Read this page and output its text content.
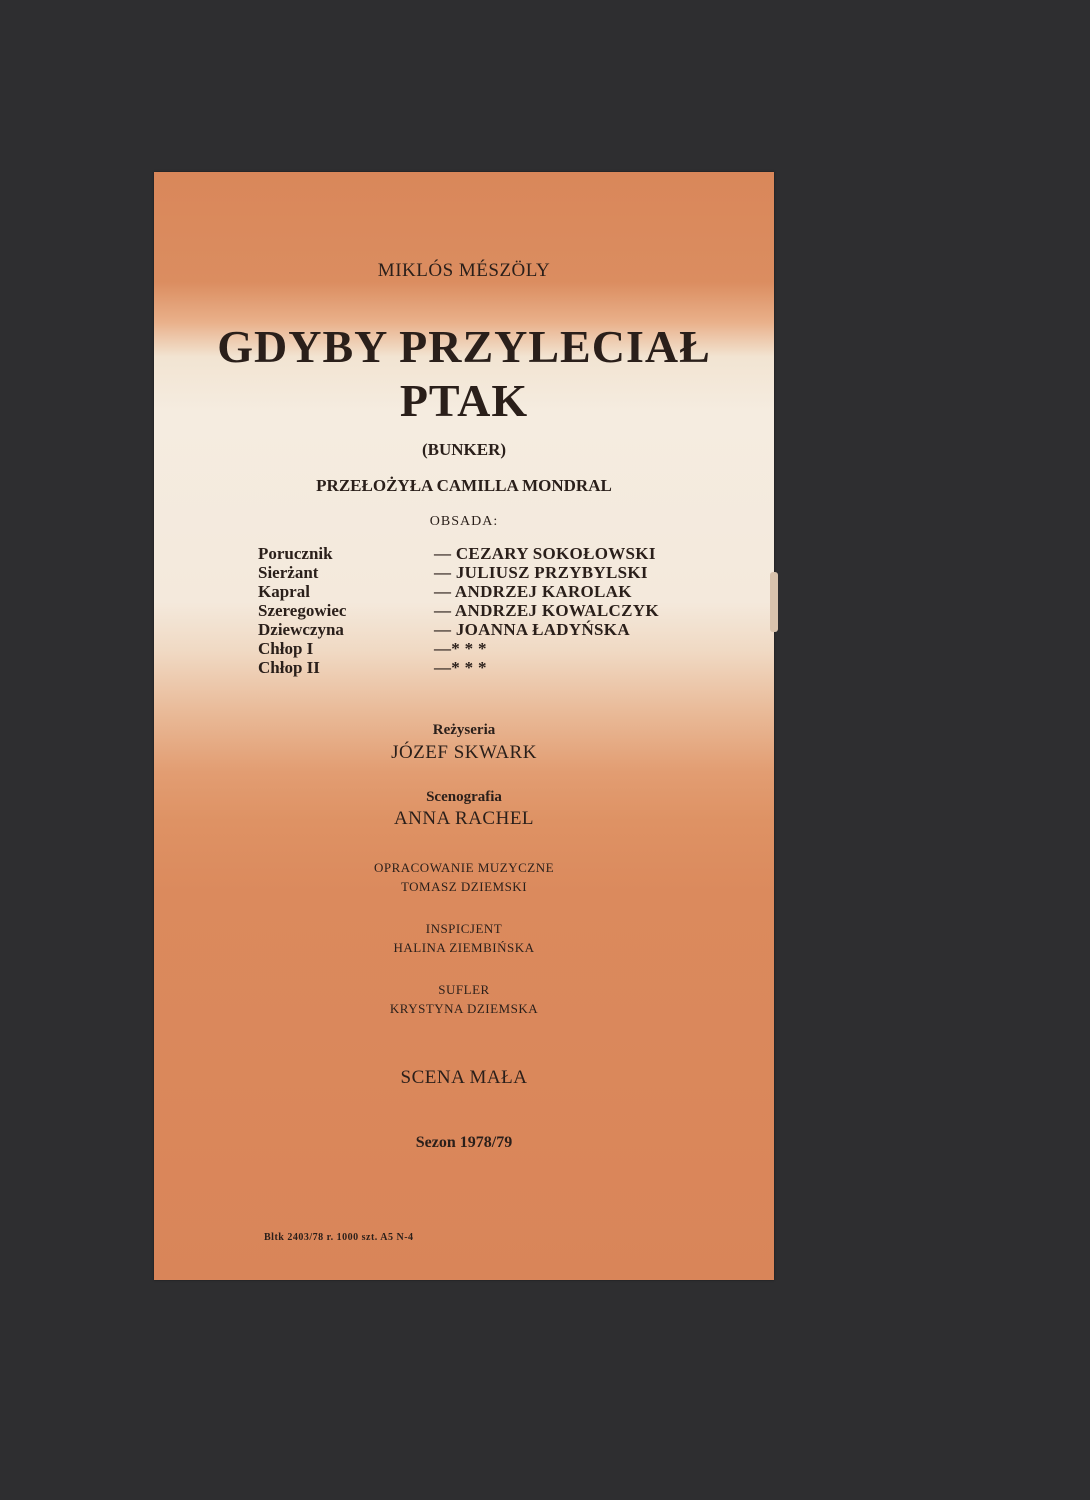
MIKLÓS MÉSZÖLY
GDYBY PRZYLECIAŁ
PTAK
(BUNKER)
PRZEŁOŻYŁA CAMILLA MONDRAL
OBSADA:
Porucznik	— CEZARY SOKOŁOWSKI
Sierżant	— JULIUSZ PRZYBYLSKI
Kapral	— ANDRZEJ KAROLAK
Szeregowiec	— ANDRZEJ KOWALCZYK
Dziewczyna	— JOANNA ŁADYŃSKA
Chłop I	—* * *
Chłop II	—* * *
Reżyseria
JÓZEF SKWARK
Scenografia
ANNA RACHEL
OPRACOWANIE MUZYCZNE
TOMASZ DZIEMSKI
INSPICJENT
HALINA ZIEMBIŃSKA
SUFLER
KRYSTYNA DZIEMSKA
SCENA MAŁA
Sezon 1978/79
Bltk 2403/78 r. 1000 szt. A5 N-4
